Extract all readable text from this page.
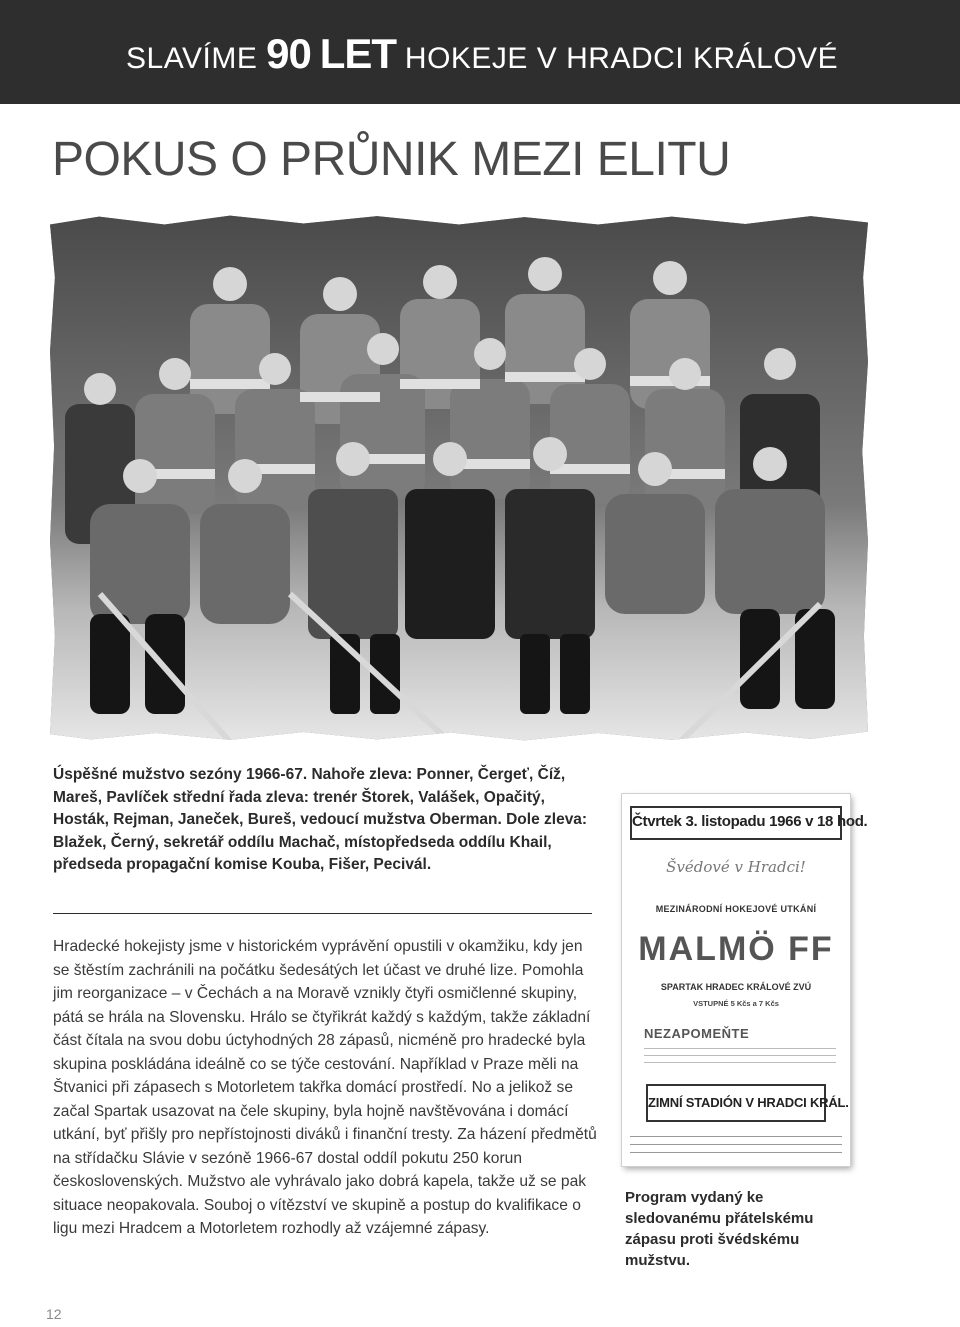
SLAVÍME 90 LET HOKEJE V HRADCI KRÁLOVÉ
POKUS O PRŮNIK MEZI ELITU
Úspěšné mužstvo sezóny 1966-67. Nahoře zleva: Ponner, Čergeť, Číž, Mareš, Pavlíček střední řada zleva: trenér Štorek, Valášek, Opačitý, Hosták, Rejman, Janeček, Bureš, vedoucí mužstva Oberman. Dole zleva: Blažek, Černý, sekretář oddílu Machač, místopředseda oddílu Khail, předseda propagační komise Kouba, Fišer, Pecivál.

Hradecké hokejisty jsme v historickém vyprávění opustili v okamžiku, kdy jen se štěstím zachránili na počátku šedesátých let účast ve druhé lize. Pomohla jim reorganizace – v Čechách a na Moravě vznikly čtyři osmičlenné skupiny, pátá se hrála na Slovensku. Hrálo se čtyřikrát každý s každým, takže základní část čítala na svou dobu úctyhodných 28 zápasů, nicméně pro hradecké byla skupina poskládána ideálně co se týče cestování. Například v Praze měli na Štvanici při zápasech s Motorletem takřka domácí prostředí. No a jelikož se začal Spartak usazovat na čele skupiny, byla hojně navštěvována i domácí utkání, byť přišly pro nepřístojnosti diváků i finanční tresty. Za házení předmětů na střídačku Slávie v sezóně 1966-67 dostal oddíl pokutu 250 korun československých. Mužstvo ale vyhrávalo jako dobrá kapela, takže už se pak situace neopakovala. Souboj o vítězství ve skupině a postup do kvalifikace o ligu mezi Hradcem a Motorletem rozhodly až vzájemné zápasy.

Čtvrtek 3. listopadu 1966 v 18 hod.
Švédové v Hradci!
MEZINÁRODNÍ HOKEJOVÉ UTKÁNÍ
MALMÖ FF
SPARTAK HRADEC KRÁLOVÉ ZVÚ
VSTUPNÉ 5 Kčs a 7 Kčs
NEZAPOMEŇTE
ZIMNÍ STADIÓN V HRADCI KRÁL.
Program vydaný ke sledovanému přátelskému zápasu proti švédskému mužstvu.
12
